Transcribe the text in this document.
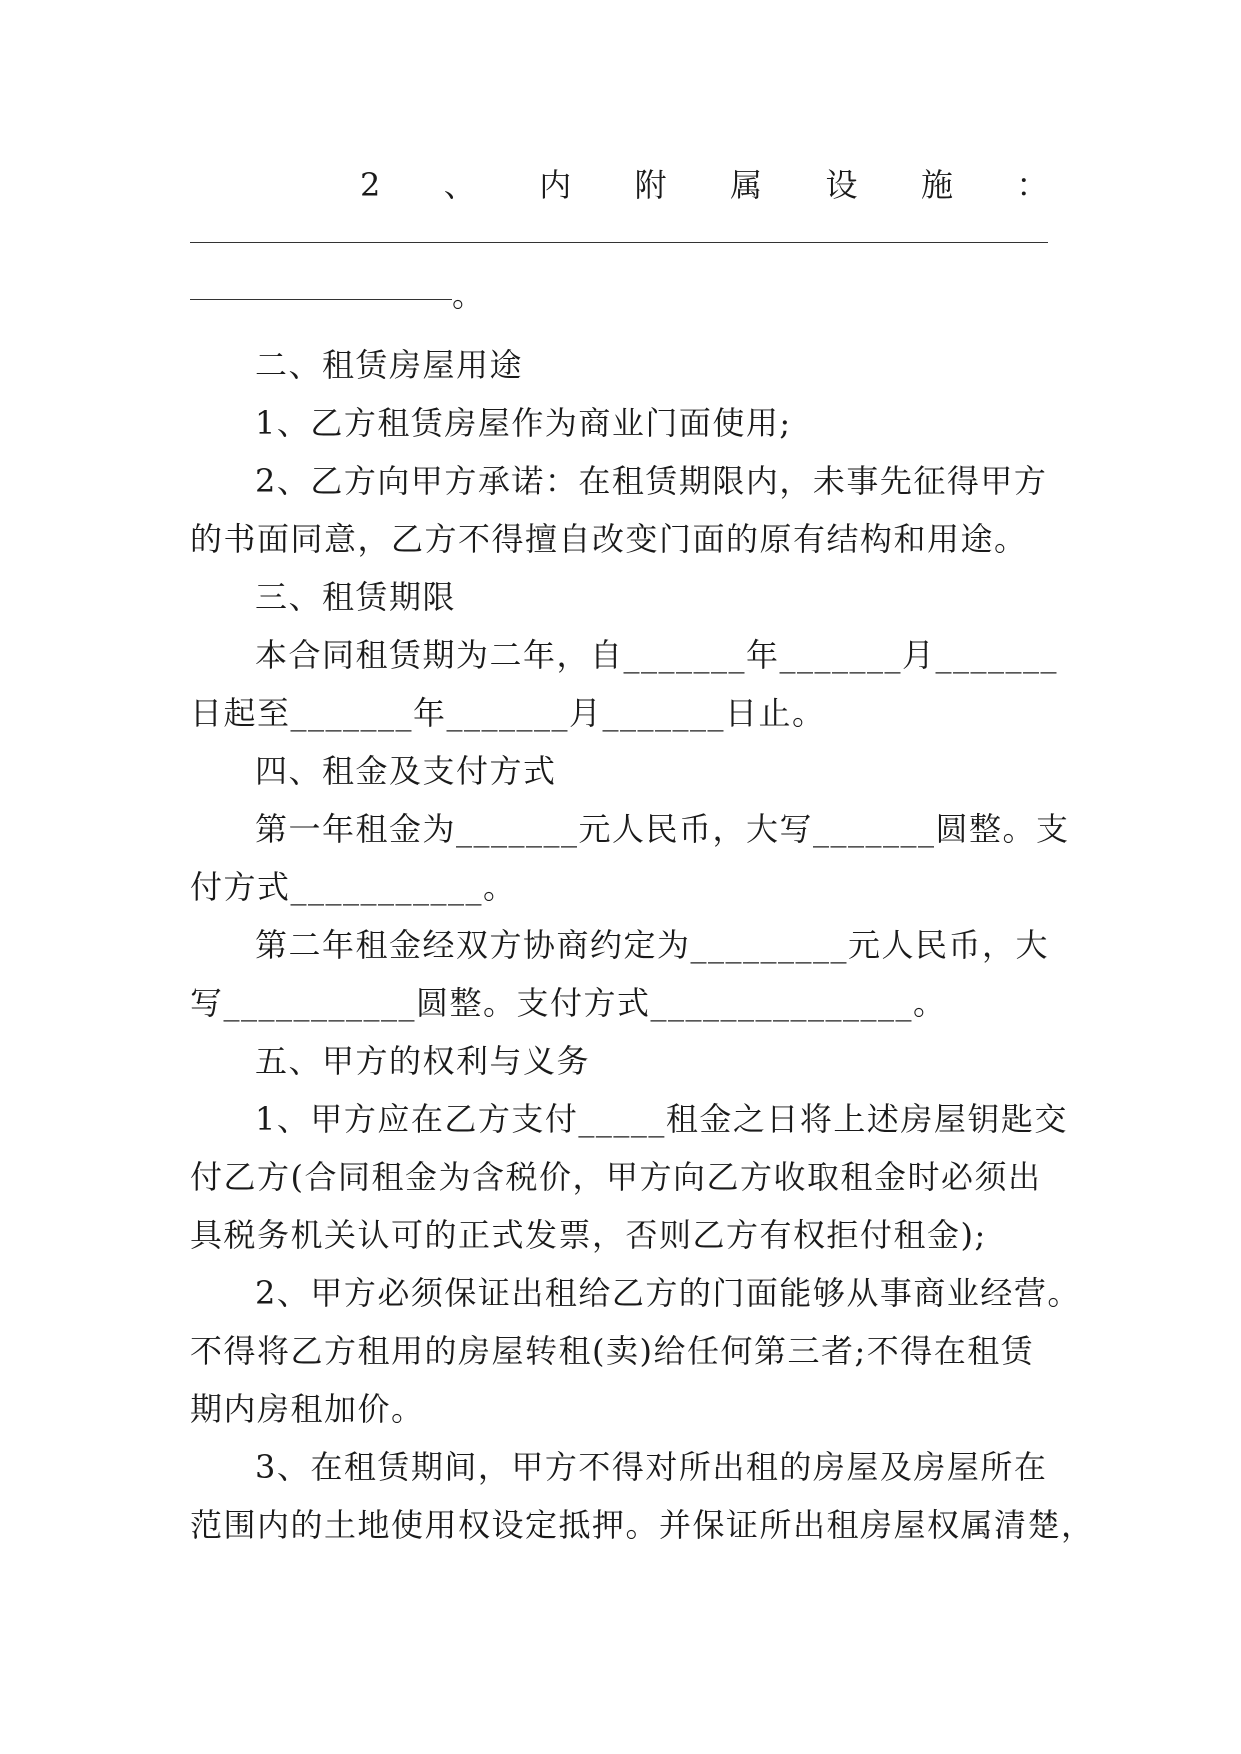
2 、 内 附 属 设 施 ：
。
二、租赁房屋用途
1、乙方租赁房屋作为商业门面使用;
2、乙方向甲方承诺：在租赁期限内，未事先征得甲方
的书面同意，乙方不得擅自改变门面的原有结构和用途。
三、租赁期限
本合同租赁期为二年，自_______年_______月_______
日起至_______年_______月_______日止。
四、租金及支付方式
第一年租金为_______元人民币，大写_______圆整。支
付方式___________。
第二年租金经双方协商约定为_________元人民币，大
写___________圆整。支付方式_______________。
五、甲方的权利与义务
1、甲方应在乙方支付_____租金之日将上述房屋钥匙交
付乙方(合同租金为含税价，甲方向乙方收取租金时必须出
具税务机关认可的正式发票，否则乙方有权拒付租金);
2、甲方必须保证出租给乙方的门面能够从事商业经营。
不得将乙方租用的房屋转租(卖)给任何第三者;不得在租赁
期内房租加价。
3、在租赁期间，甲方不得对所出租的房屋及房屋所在
范围内的土地使用权设定抵押。并保证所出租房屋权属清楚，
